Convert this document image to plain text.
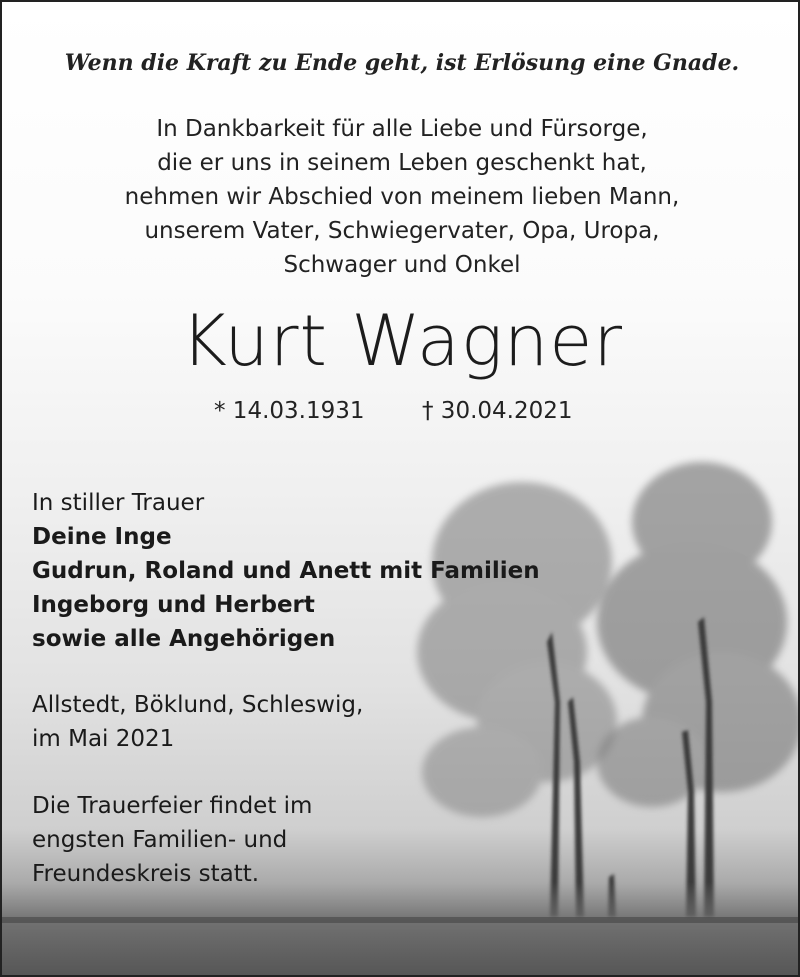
Wenn die Kraft zu Ende geht, ist Erlösung eine Gnade.
In Dankbarkeit für alle Liebe und Fürsorge,
die er uns in seinem Leben geschenkt hat,
nehmen wir Abschied von meinem lieben Mann,
unserem Vater, Schwiegervater, Opa, Uropa,
Schwager und Onkel
Kurt Wagner
* 14.03.1931	† 30.04.2021
In stiller Trauer
Deine Inge
Gudrun, Roland und Anett mit Familien
Ingeborg und Herbert
sowie alle Angehörigen
Allstedt, Böklund, Schleswig,
im Mai 2021
Die Trauerfeier findet im
engsten Familien- und
Freundeskreis statt.
